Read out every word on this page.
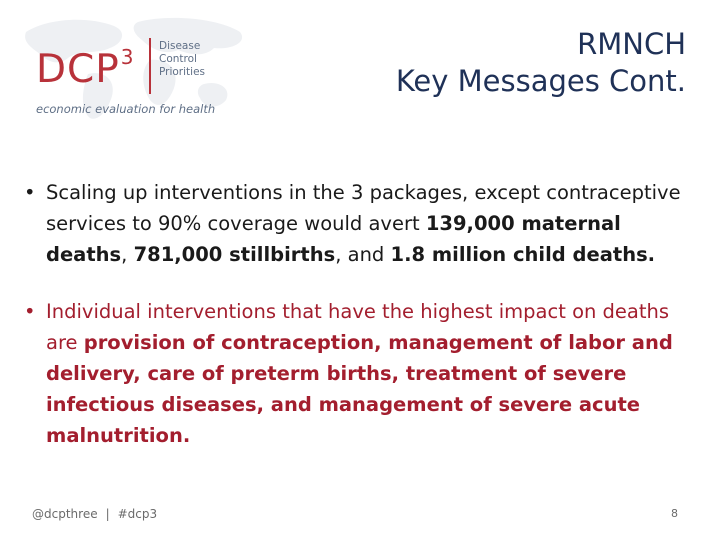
DCP$^3$ Disease
Control
Priorities
economic evaluation for health
RMNCH
Key Messages Cont.
• Scaling up interventions in the 3 packages, except contraceptive services to 90% coverage would avert 139,000 maternal deaths, 781,000 stillbirths, and 1.8 million child deaths.
• Individual interventions that have the highest impact on deaths are provision of contraception, management of labor and delivery, care of preterm births, treatment of severe infectious diseases, and management of severe acute malnutrition.
@dcpthree | #dcp3	8
